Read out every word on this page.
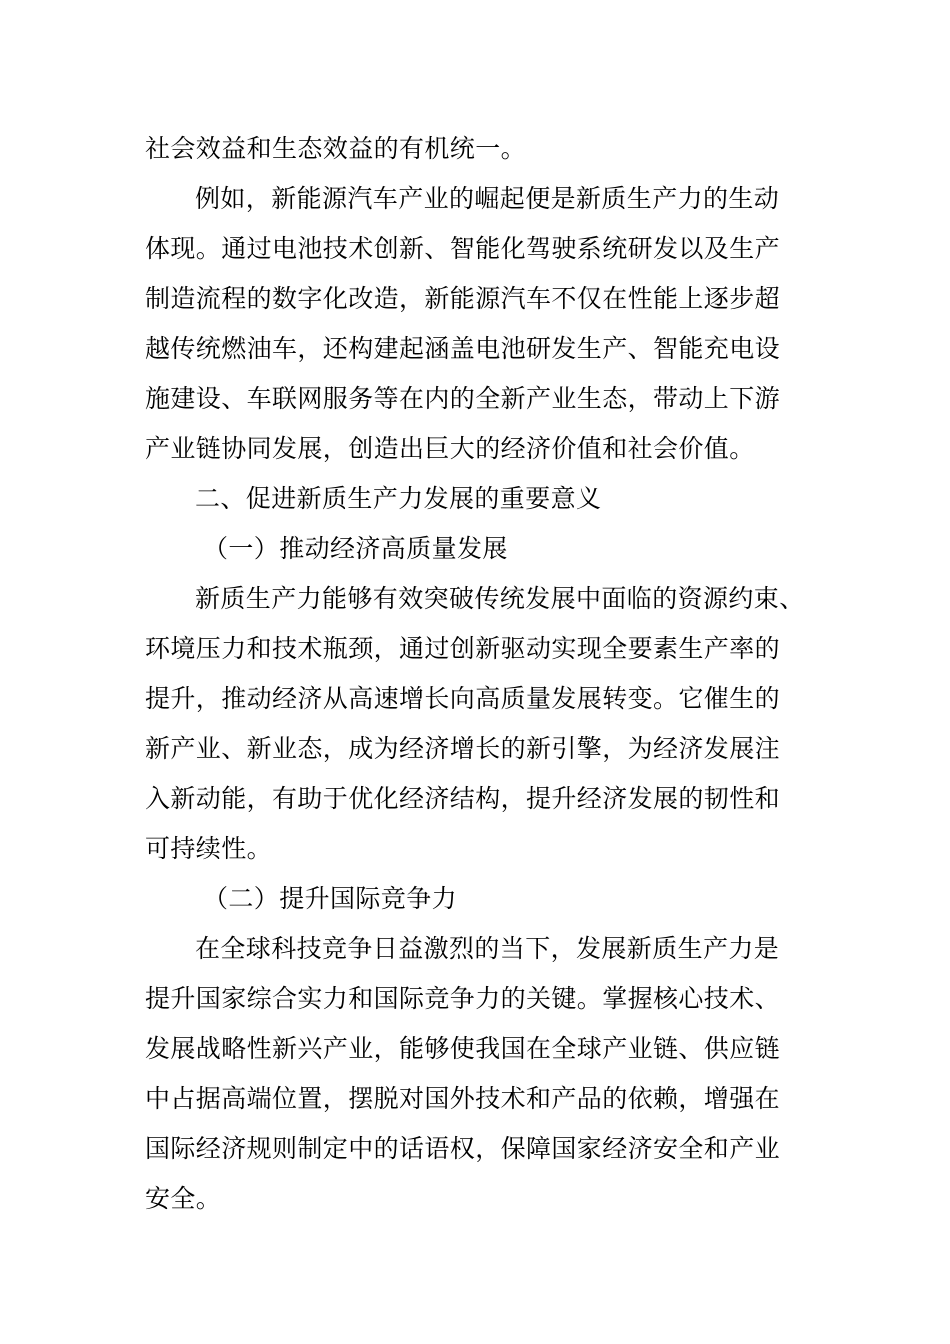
社会效益和生态效益的有机统一。
例如，新能源汽车产业的崛起便是新质生产力的生动
体现。通过电池技术创新、智能化驾驶系统研发以及生产
制造流程的数字化改造，新能源汽车不仅在性能上逐步超
越传统燃油车，还构建起涵盖电池研发生产、智能充电设
施建设、车联网服务等在内的全新产业生态，带动上下游
产业链协同发展，创造出巨大的经济价值和社会价值。
二、促进新质生产力发展的重要意义
（一）推动经济高质量发展
新质生产力能够有效突破传统发展中面临的资源约束、
环境压力和技术瓶颈，通过创新驱动实现全要素生产率的
提升，推动经济从高速增长向高质量发展转变。它催生的
新产业、新业态，成为经济增长的新引擎，为经济发展注
入新动能，有助于优化经济结构，提升经济发展的韧性和
可持续性。
（二）提升国际竞争力
在全球科技竞争日益激烈的当下，发展新质生产力是
提升国家综合实力和国际竞争力的关键。掌握核心技术、
发展战略性新兴产业，能够使我国在全球产业链、供应链
中占据高端位置，摆脱对国外技术和产品的依赖，增强在
国际经济规则制定中的话语权，保障国家经济安全和产业
安全。
